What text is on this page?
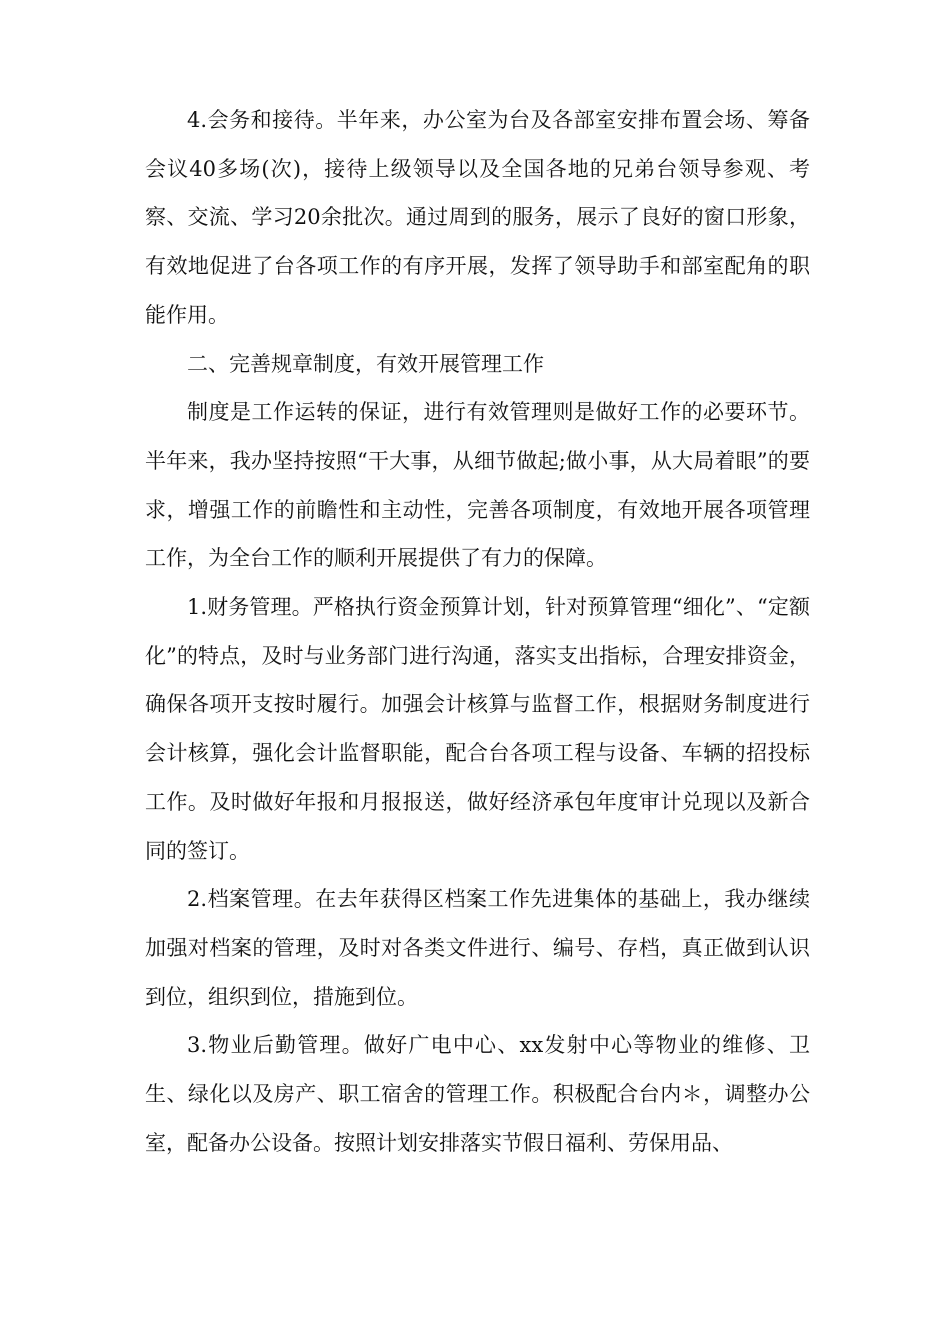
4.会务和接待。半年来，办公室为台及各部室安排布置会场、筹备会议40多场(次)，接待上级领导以及全国各地的兄弟台领导参观、考察、交流、学习20余批次。通过周到的服务，展示了良好的窗口形象，有效地促进了台各项工作的有序开展，发挥了领导助手和部室配角的职能作用。

二、完善规章制度，有效开展管理工作

制度是工作运转的保证，进行有效管理则是做好工作的必要环节。半年来，我办坚持按照“干大事，从细节做起;做小事，从大局着眼”的要求，增强工作的前瞻性和主动性，完善各项制度，有效地开展各项管理工作，为全台工作的顺利开展提供了有力的保障。

1.财务管理。严格执行资金预算计划，针对预算管理“细化”、“定额化”的特点，及时与业务部门进行沟通，落实支出指标，合理安排资金，确保各项开支按时履行。加强会计核算与监督工作，根据财务制度进行会计核算，强化会计监督职能，配合台各项工程与设备、车辆的招投标工作。及时做好年报和月报报送，做好经济承包年度审计兑现以及新合同的签订。

2.档案管理。在去年获得区档案工作先进集体的基础上，我办继续加强对档案的管理，及时对各类文件进行、编号、存档，真正做到认识到位，组织到位，措施到位。

3.物业后勤管理。做好广电中心、xx发射中心等物业的维修、卫生、绿化以及房产、职工宿舍的管理工作。积极配合台内＊，调整办公室，配备办公设备。按照计划安排落实节假日福利、劳保用品、
